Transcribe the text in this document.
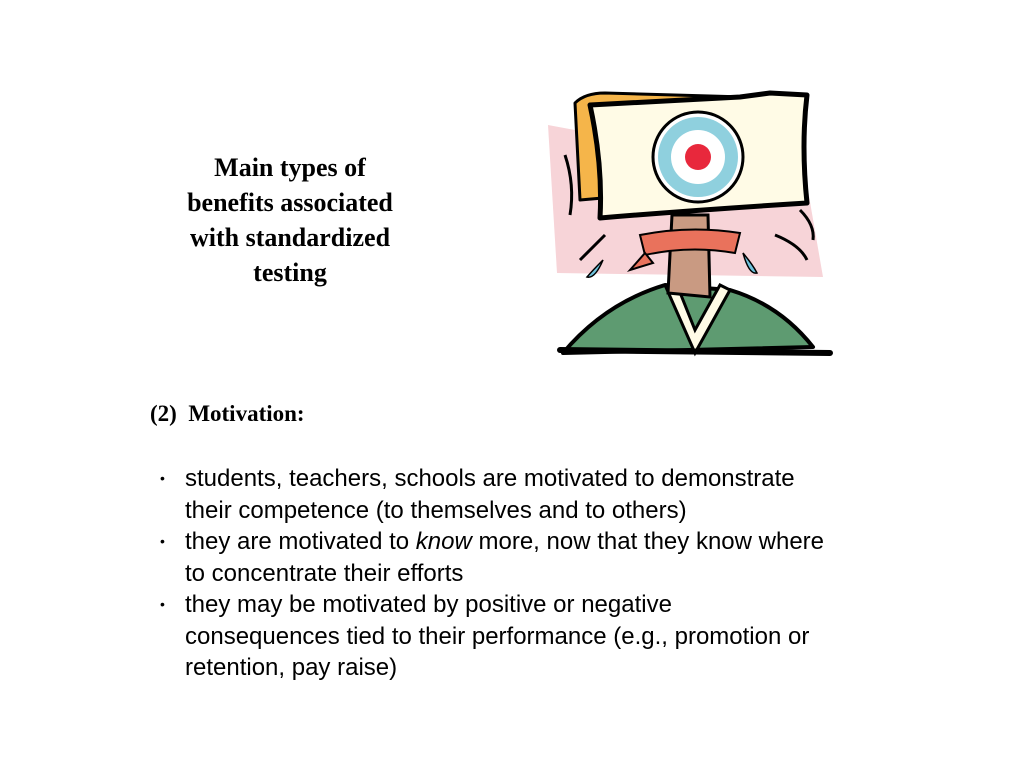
Main types of
benefits associated
with standardized
testing
(2)  Motivation:
• students, teachers, schools are motivated to demonstrate
their competence (to themselves and to others)
• they are motivated to know more, now that they know where
to concentrate their efforts
• they may be motivated by positive or negative
consequences tied to their performance (e.g., promotion or
retention, pay raise)
